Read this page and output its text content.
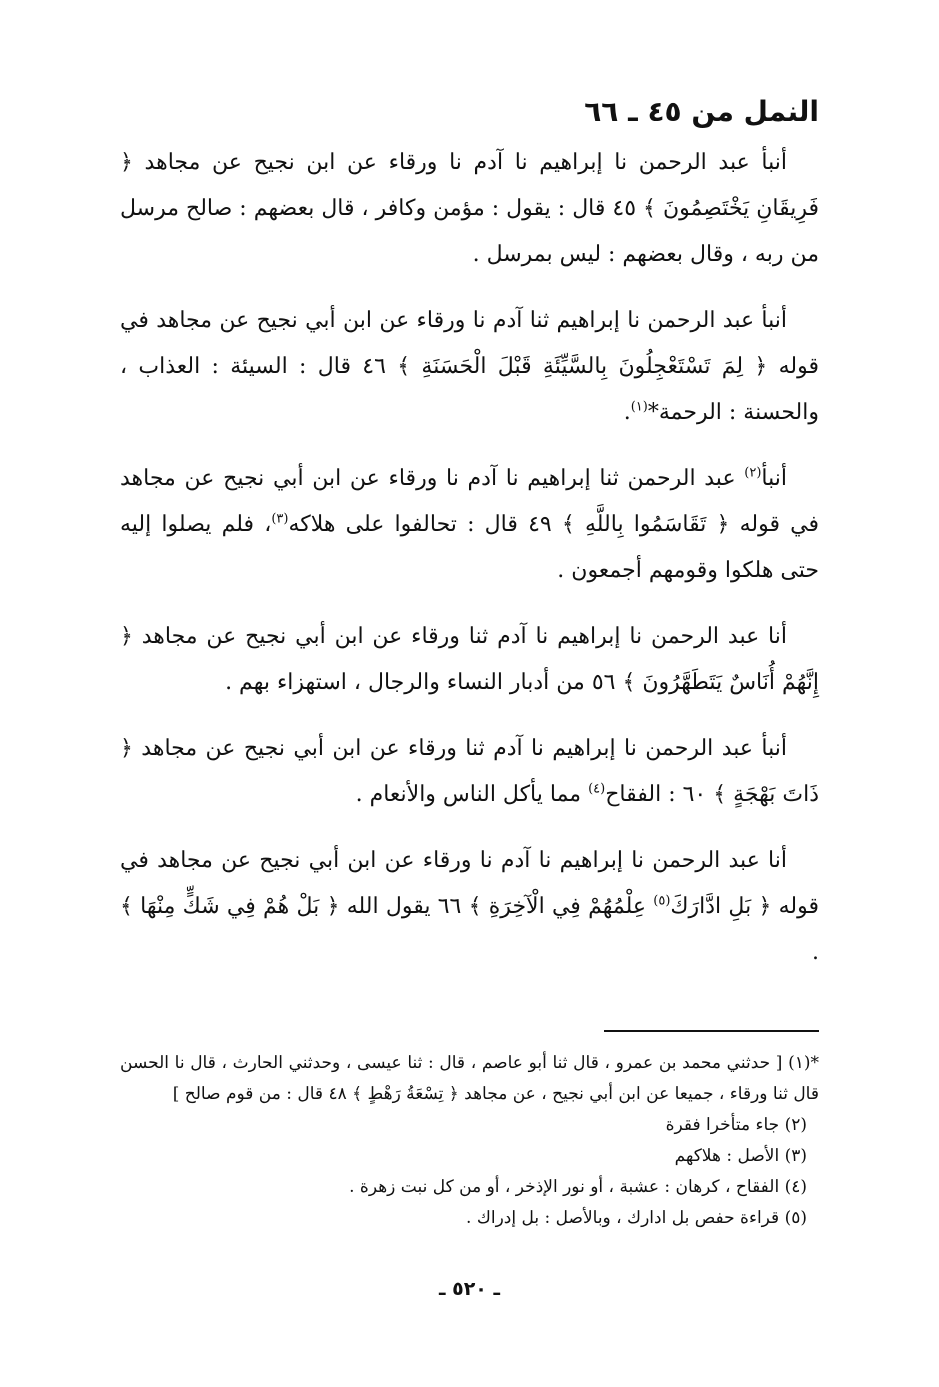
النمل من ٤٥ ـ ٦٦

أنبأ عبد الرحمن نا إبراهيم نا آدم نا ورقاء عن ابن نجيح عن مجاهد ﴿ فَرِيقَانِ يَخْتَصِمُونَ ﴾ ٤٥ قال : يقول : مؤمن وكافر ، قال بعضهم : صالح مرسل من ربه ، وقال بعضهم : ليس بمرسل .

أنبأ عبد الرحمن نا إبراهيم ثنا آدم نا ورقاء عن ابن أبي نجيح عن مجاهد في قوله ﴿ لِمَ تَسْتَعْجِلُونَ بِالسَّيِّئَةِ قَبْلَ الْحَسَنَةِ ﴾ ٤٦ قال : السيئة : العذاب ، والحسنة : الرحمة*$^{(١)}$.

أنبأ$^{(٢)}$ عبد الرحمن ثنا إبراهيم نا آدم نا ورقاء عن ابن أبي نجيح عن مجاهد في قوله ﴿ تَقَاسَمُوا بِاللَّهِ ﴾ ٤٩ قال : تحالفوا على هلاكه$^{(٣)}$، فلم يصلوا إليه حتى هلكوا وقومهم أجمعون .

أنا عبد الرحمن نا إبراهيم نا آدم ثنا ورقاء عن ابن أبي نجيح عن مجاهد ﴿ إِنَّهُمْ أُنَاسٌ يَتَطَهَّرُونَ ﴾ ٥٦ من أدبار النساء والرجال ، استهزاء بهم .

أنبأ عبد الرحمن نا إبراهيم نا آدم ثنا ورقاء عن ابن أبي نجيح عن مجاهد ﴿ ذَاتَ بَهْجَةٍ ﴾ ٦٠ : الفقاح$^{(٤)}$ مما يأكل الناس والأنعام .

أنا عبد الرحمن نا إبراهيم نا آدم نا ورقاء عن ابن أبي نجيح عن مجاهد في قوله ﴿ بَلِ ادَّارَكَ$^{(٥)}$ عِلْمُهُمْ فِي الْآخِرَةِ ﴾ ٦٦ يقول الله ﴿ بَلْ هُمْ فِي شَكٍّ مِنْهَا ﴾ .

*(١) [ حدثني محمد بن عمرو ، قال ثنا أبو عاصم ، قال : ثنا عيسى ، وحدثني الحارث ، قال نا الحسن قال ثنا ورقاء ، جميعا عن ابن أبي نجيح ، عن مجاهد ﴿ تِسْعَةُ رَهْطٍ ﴾ ٤٨ قال : من قوم صالح ]

(٢) جاء متأخرا فقرة

(٣) الأصل : هلاكهم

(٤) الفقاح ، كرهان : عشبة ، أو نور الإذخر ، أو من كل نبت زهرة .

(٥) قراءة حفص بل ادارك ، وبالأصل : بل إدراك .

ـ ٥٢٠ ـ
